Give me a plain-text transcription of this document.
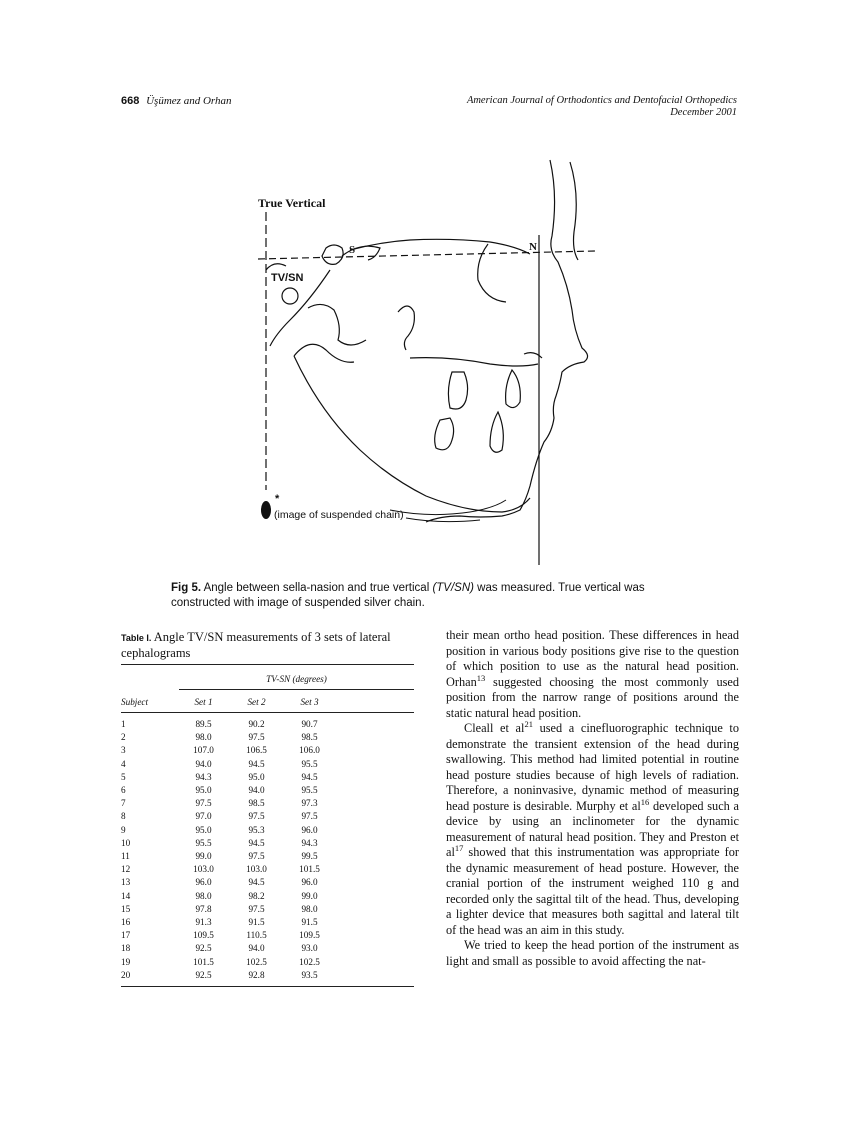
668 Üşümez and Orhan	American Journal of Orthodontics and Dentofacial Orthopedics
December 2001
True Vertical
S	N
TV/SN
*
(image of suspended chain)
Fig 5. Angle between sella-nasion and true vertical (TV/SN) was measured. True vertical was constructed with image of suspended silver chain.
Table I. Angle TV/SN measurements of 3 sets of lateral cephalograms
TV-SN (degrees)
Subject	Set 1	Set 2	Set 3
1	89.5	90.2	90.7
2	98.0	97.5	98.5
3	107.0	106.5	106.0
4	94.0	94.5	95.5
5	94.3	95.0	94.5
6	95.0	94.0	95.5
7	97.5	98.5	97.3
8	97.0	97.5	97.5
9	95.0	95.3	96.0
10	95.5	94.5	94.3
11	99.0	97.5	99.5
12	103.0	103.0	101.5
13	96.0	94.5	96.0
14	98.0	98.2	99.0
15	97.8	97.5	98.0
16	91.3	91.5	91.5
17	109.5	110.5	109.5
18	92.5	94.0	93.0
19	101.5	102.5	102.5
20	92.5	92.8	93.5

their mean ortho head position. These differences in head position in various body positions give rise to the question of which position to use as the natural head position. Orhan$^{13}$ suggested choosing the most commonly used position from the narrow range of positions around the static natural head position.

Cleall et $al^{21}$ used a cinefluorographic technique to demonstrate the transient extension of the head during swallowing. This method had limited potential in routine head posture studies because of high levels of radiation. Therefore, a noninvasive, dynamic method of measuring head posture is desirable. Murphy et $al^{16}$ developed such a device by using an inclinometer for the dynamic measurement of natural head position. They and Preston et $al^{17}$ showed that this instrumentation was appropriate for the dynamic measurement of head posture. However, the cranial portion of the instrument weighed 110 g and recorded only the sagittal tilt of the head. Thus, developing a lighter device that measures both sagittal and lateral tilt of the head was an aim in this study.

We tried to keep the head portion of the instrument as light and small as possible to avoid affecting the nat-
